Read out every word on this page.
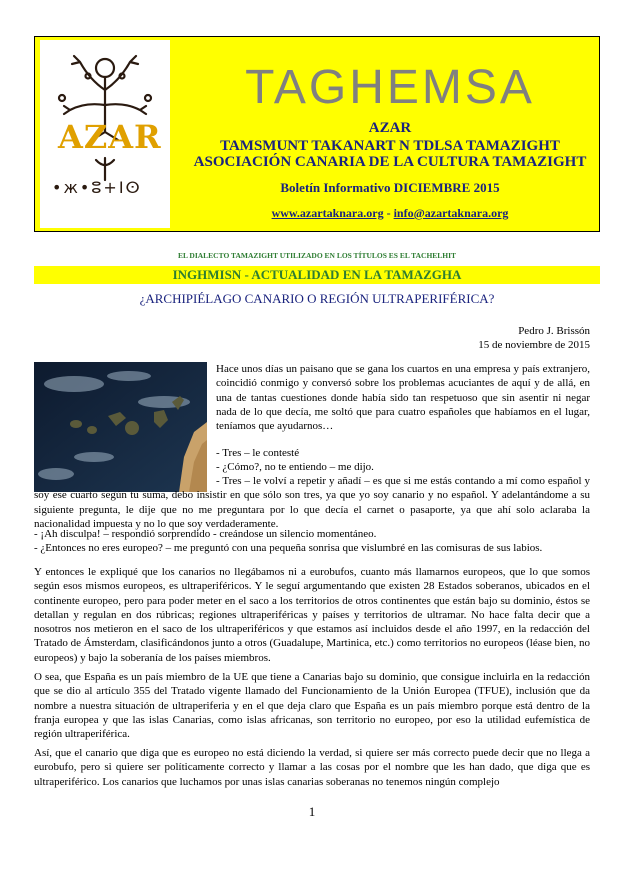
AZAR
•ж•ⵓ+ⵏⵙ
TAGHEMSA
AZAR
TAMSMUNT TAKANART N TDLSA TAMAZIGHT
ASOCIACIÓN CANARIA DE LA CULTURA TAMAZIGHT
Boletín Informativo DICIEMBRE 2015
www.azartaknara.org - info@azartaknara.org
EL DIALECTO TAMAZIGHT UTILIZADO EN LOS TÍTULOS ES EL TACHELHIT
INGHMISN - ACTUALIDAD EN LA TAMAZGHA
¿ARCHIPIÉLAGO CANARIO O REGIÓN ULTRAPERIFÉRICA?
Pedro J. Brissón
15 de noviembre de 2015
Hace unos días un paisano que se gana los cuartos en una empresa y país extranjero, coincidió conmigo y conversó sobre los problemas acuciantes de aquí y de allá, en una de tantas cuestiones donde había sido tan respetuoso que sin asentir ni negar nada de lo que decía, me soltó que para cuatro españoles que habíamos en el lugar, teníamos que ayudarnos…
- Tres – le contesté
- ¿Cómo?, no te entiendo – me dijo.
- Tres – le volví a repetir y añadí – es que si me estás contando a mí como español y soy ese cuarto según tu suma, debo insistir en que sólo son tres, ya que yo soy canario y no español. Y adelantándome a su siguiente pregunta, le dije que no me preguntara por lo que decía el carnet o pasaporte, ya que ahí solo aclaraba la nacionalidad impuesta y no lo que soy verdaderamente.
- ¡Ah disculpa! – respondió sorprendido - creándose un silencio momentáneo.
- ¿Entonces no eres europeo? – me preguntó con una pequeña sonrisa que vislumbré en las comisuras de sus labios.
Y entonces le expliqué que los canarios no llegábamos ni a eurobufos, cuanto más llamarnos europeos, que lo que somos según esos mismos europeos, es ultraperiféricos. Y le seguí argumentando que existen 28 Estados soberanos, ubicados en el continente europeo, pero para poder meter en el saco a los territorios de otros continentes que están bajo su dominio, éstos se detallan y regulan en dos rúbricas; regiones ultraperiféricas y países y territorios de ultramar. No hace falta decir que a nosotros nos metieron en el saco de los ultraperiféricos y que estamos así incluidos desde el año 1997, en la redacción del Tratado de Ámsterdam, clasificándonos junto a otros (Guadalupe, Martinica, etc.) como territorios no europeos (léase bien, no europeos) y bajo la soberanía de los países miembros.
O sea, que España es un país miembro de la UE que tiene a Canarias bajo su dominio, que consigue incluirla en la redacción que se dio al artículo 355 del Tratado vigente llamado del Funcionamiento de la Unión Europea (TFUE), inclusión que da nombre a nuestra situación de ultraperiferia y en el que deja claro que España es un país miembro porque está dentro de la franja europea y que las islas Canarias, como islas africanas, son territorio no europeo, por eso la utilidad eufemística de región ultraperiférica.
Así, que el canario que diga que es europeo no está diciendo la verdad, si quiere ser más correcto puede decir que no llega a eurobufo, pero si quiere ser políticamente correcto y llamar a las cosas por el nombre que les han dado, que diga que es ultraperiférico. Los canarios que luchamos por unas islas canarias soberanas no tenemos ningún complejo
1
